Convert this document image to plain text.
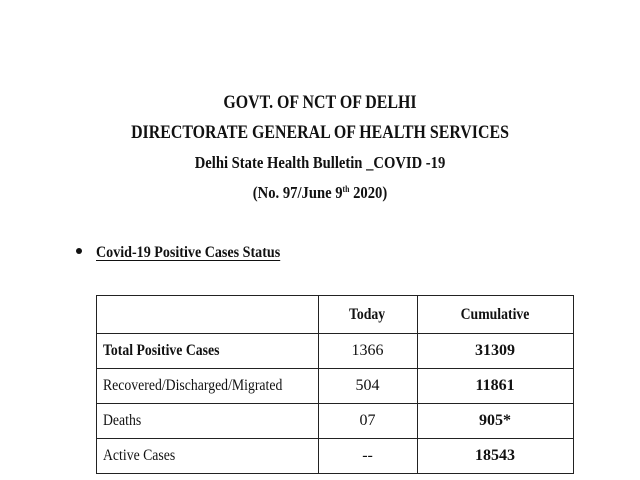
GOVT. OF NCT OF DELHI
DIRECTORATE GENERAL OF HEALTH SERVICES
Delhi State Health Bulletin _COVID -19
(No. 97/June 9th 2020)
Covid-19 Positive Cases Status
	Today	Cumulative
Total Positive Cases	1366	31309
Recovered/Discharged/Migrated	504	11861
Deaths	07	905*
Active Cases	--	18543
